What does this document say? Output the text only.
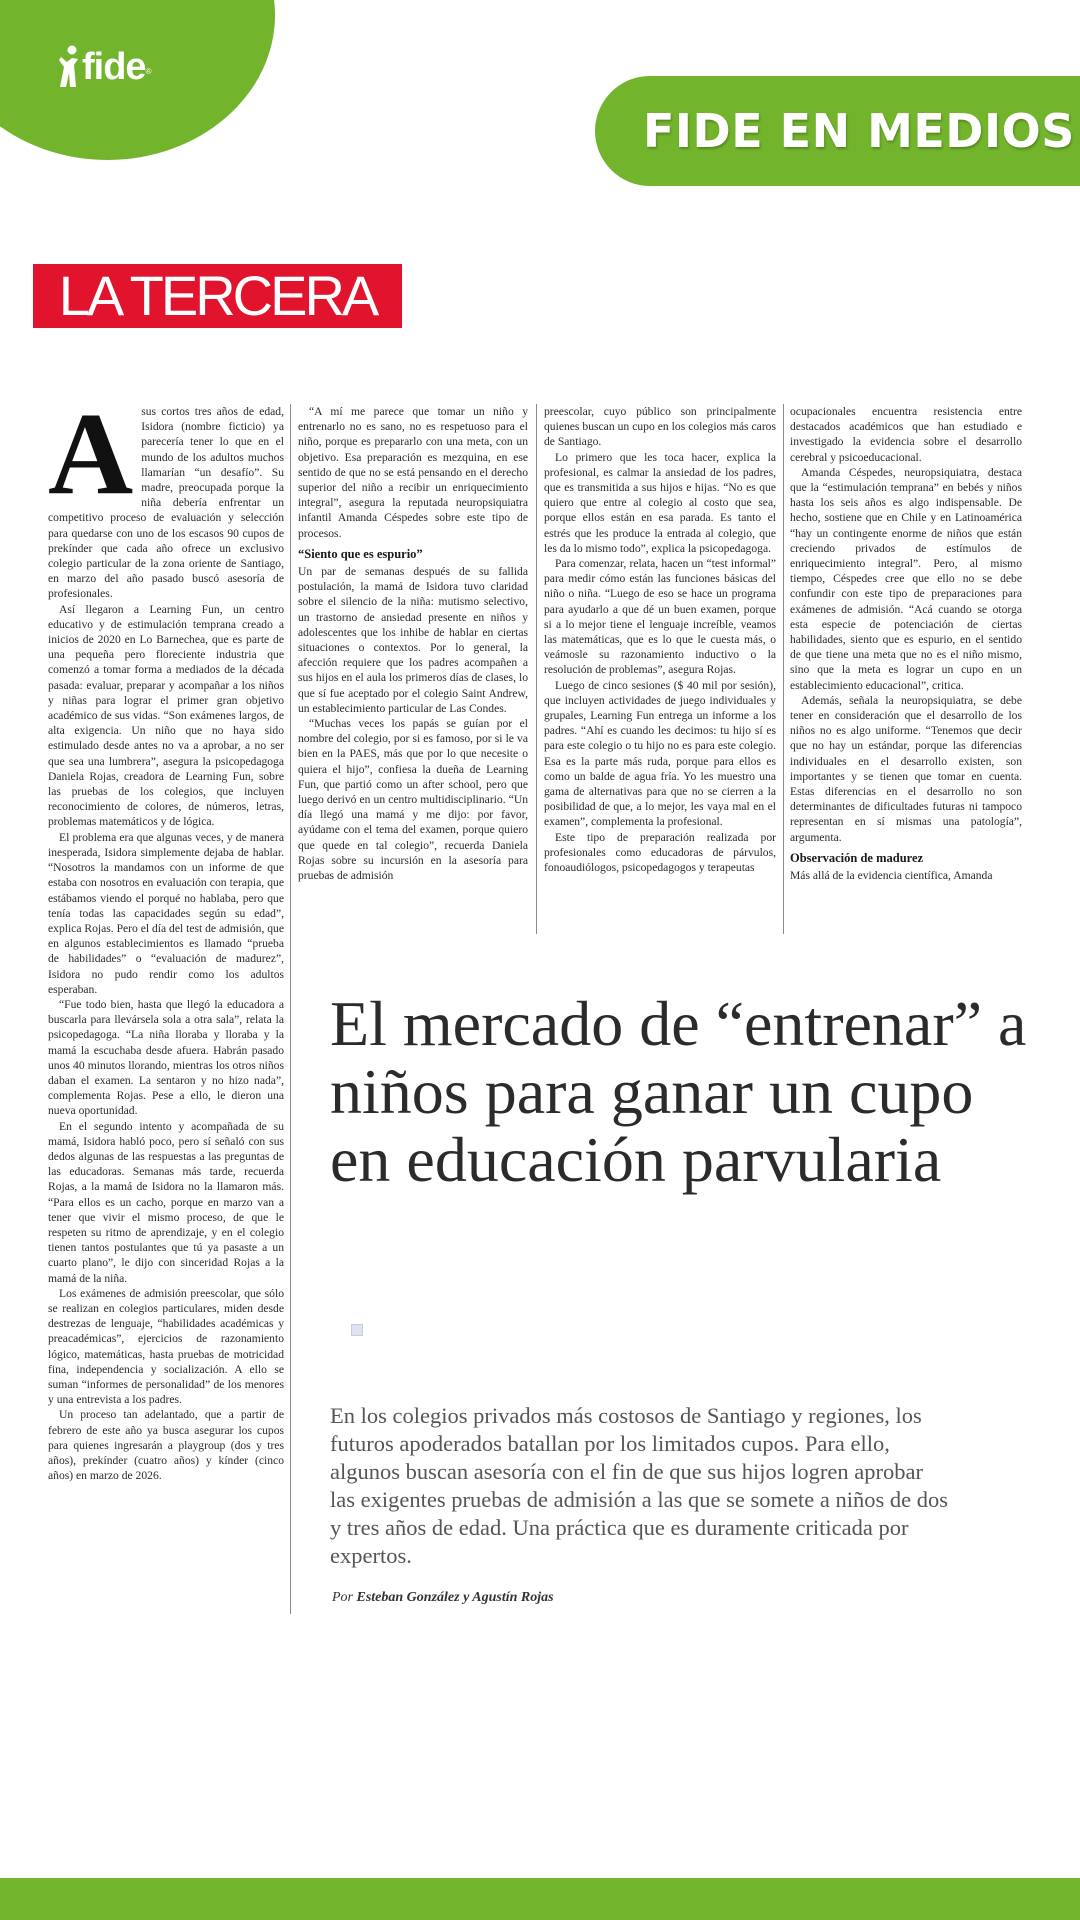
fide ®
FIDE EN MEDIOS
LA TERCERA
A sus cortos tres años de edad, Isidora (nombre ficticio) ya parecería tener lo que en el mundo de los adultos muchos llamarían “un desafío”. Su madre, preocupada porque la niña debería enfrentar un competitivo proceso de evaluación y selección para quedarse con uno de los escasos 90 cupos de prekínder que cada año ofrece un exclusivo colegio particular de la zona oriente de Santiago, en marzo del año pasado buscó asesoría de profesionales.

Así llegaron a Learning Fun, un centro educativo y de estimulación temprana creado a inicios de 2020 en Lo Barnechea, que es parte de una pequeña pero floreciente industria que comenzó a tomar forma a mediados de la década pasada: evaluar, preparar y acompañar a los niños y niñas para lograr el primer gran objetivo académico de sus vidas. “Son exámenes largos, de alta exigencia. Un niño que no haya sido estimulado desde antes no va a aprobar, a no ser que sea una lumbrera”, asegura la psicopedagoga Daniela Rojas, creadora de Learning Fun, sobre las pruebas de los colegios, que incluyen reconocimiento de colores, de números, letras, problemas matemáticos y de lógica.

El problema era que algunas veces, y de manera inesperada, Isidora simplemente dejaba de hablar. “Nosotros la mandamos con un informe de que estaba con nosotros en evaluación con terapia, que estábamos viendo el porqué no hablaba, pero que tenía todas las capacidades según su edad”, explica Rojas. Pero el día del test de admisión, que en algunos establecimientos es llamado “prueba de habilidades” o “evaluación de madurez”, Isidora no pudo rendir como los adultos esperaban.

“Fue todo bien, hasta que llegó la educadora a buscarla para llevársela sola a otra sala”, relata la psicopedagoga. “La niña lloraba y lloraba y la mamá la escuchaba desde afuera. Habrán pasado unos 40 minutos llorando, mientras los otros niños daban el examen. La sentaron y no hizo nada”, complementa Rojas. Pese a ello, le dieron una nueva oportunidad.

En el segundo intento y acompañada de su mamá, Isidora habló poco, pero sí señaló con sus dedos algunas de las respuestas a las preguntas de las educadoras. Semanas más tarde, recuerda Rojas, a la mamá de Isidora no la llamaron más. “Para ellos es un cacho, porque en marzo van a tener que vivir el mismo proceso, de que le respeten su ritmo de aprendizaje, y en el colegio tienen tantos postulantes que tú ya pasaste a un cuarto plano”, le dijo con sinceridad Rojas a la mamá de la niña.

Los exámenes de admisión preescolar, que sólo se realizan en colegios particulares, miden desde destrezas de lenguaje, “habilidades académicas y preacadémicas”, ejercicios de razonamiento lógico, matemáticas, hasta pruebas de motricidad fina, independencia y socialización. A ello se suman “informes de personalidad” de los menores y una entrevista a los padres.

Un proceso tan adelantado, que a partir de febrero de este año ya busca asegurar los cupos para quienes ingresarán a playgroup (dos y tres años), prekínder (cuatro años) y kínder (cinco años) en marzo de 2026.

“A mí me parece que tomar un niño y entrenarlo no es sano, no es respetuoso para el niño, porque es prepararlo con una meta, con un objetivo. Esa preparación es mezquina, en ese sentido de que no se está pensando en el derecho superior del niño a recibir un enriquecimiento integral”, asegura la reputada neuropsiquiatra infantil Amanda Céspedes sobre este tipo de procesos.

“Siento que es espurio”

Un par de semanas después de su fallida postulación, la mamá de Isidora tuvo claridad sobre el silencio de la niña: mutismo selectivo, un trastorno de ansiedad presente en niños y adolescentes que los inhibe de hablar en ciertas situaciones o contextos. Por lo general, la afección requiere que los padres acompañen a sus hijos en el aula los primeros días de clases, lo que sí fue aceptado por el colegio Saint Andrew, un establecimiento particular de Las Condes.

“Muchas veces los papás se guían por el nombre del colegio, por si es famoso, por si le va bien en la PAES, más que por lo que necesite o quiera el hijo”, confiesa la dueña de Learning Fun, que partió como un after school, pero que luego derivó en un centro multidisciplinario. “Un día llegó una mamá y me dijo: por favor, ayúdame con el tema del examen, porque quiero que quede en tal colegio”, recuerda Daniela Rojas sobre su incursión en la asesoría para pruebas de admisión

preescolar, cuyo público son principalmente quienes buscan un cupo en los colegios más caros de Santiago.

Lo primero que les toca hacer, explica la profesional, es calmar la ansiedad de los padres, que es transmitida a sus hijos e hijas. “No es que quiero que entre al colegio al costo que sea, porque ellos están en esa parada. Es tanto el estrés que les produce la entrada al colegio, que les da lo mismo todo”, explica la psicopedagoga.

Para comenzar, relata, hacen un “test informal” para medir cómo están las funciones básicas del niño o niña. “Luego de eso se hace un programa para ayudarlo a que dé un buen examen, porque si a lo mejor tiene el lenguaje increíble, veamos las matemáticas, que es lo que le cuesta más, o veámosle su razonamiento inductivo o la resolución de problemas”, asegura Rojas.

Luego de cinco sesiones ($ 40 mil por sesión), que incluyen actividades de juego individuales y grupales, Learning Fun entrega un informe a los padres. “Ahí es cuando les decimos: tu hijo sí es para este colegio o tu hijo no es para este colegio. Esa es la parte más ruda, porque para ellos es como un balde de agua fría. Yo les muestro una gama de alternativas para que no se cierren a la posibilidad de que, a lo mejor, les vaya mal en el examen”, complementa la profesional.

Este tipo de preparación realizada por profesionales como educadoras de párvulos, fonoaudiólogos, psicopedagogos y terapeutas

ocupacionales encuentra resistencia entre destacados académicos que han estudiado e investigado la evidencia sobre el desarrollo cerebral y psicoeducacional.

Amanda Céspedes, neuropsiquiatra, destaca que la “estimulación temprana” en bebés y niños hasta los seis años es algo indispensable. De hecho, sostiene que en Chile y en Latinoamérica “hay un contingente enorme de niños que están creciendo privados de estímulos de enriquecimiento integral”. Pero, al mismo tiempo, Céspedes cree que ello no se debe confundir con este tipo de preparaciones para exámenes de admisión. “Acá cuando se otorga esta especie de potenciación de ciertas habilidades, siento que es espurio, en el sentido de que tiene una meta que no es el niño mismo, sino que la meta es lograr un cupo en un establecimiento educacional”, critica.

Además, señala la neuropsiquiatra, se debe tener en consideración que el desarrollo de los niños no es algo uniforme. “Tenemos que decir que no hay un estándar, porque las diferencias individuales en el desarrollo existen, son importantes y se tienen que tomar en cuenta. Estas diferencias en el desarrollo no son determinantes de dificultades futuras ni tampoco representan en sí mismas una patología”, argumenta.

Observación de madurez

Más allá de la evidencia científica, Amanda

El mercado de “entrenar” a niños para ganar un cupo en educación parvularia

En los colegios privados más costosos de Santiago y regiones, los futuros apoderados batallan por los limitados cupos. Para ello, algunos buscan asesoría con el fin de que sus hijos logren aprobar las exigentes pruebas de admisión a las que se somete a niños de dos y tres años de edad. Una práctica que es duramente criticada por expertos.

Por Esteban González y Agustín Rojas
